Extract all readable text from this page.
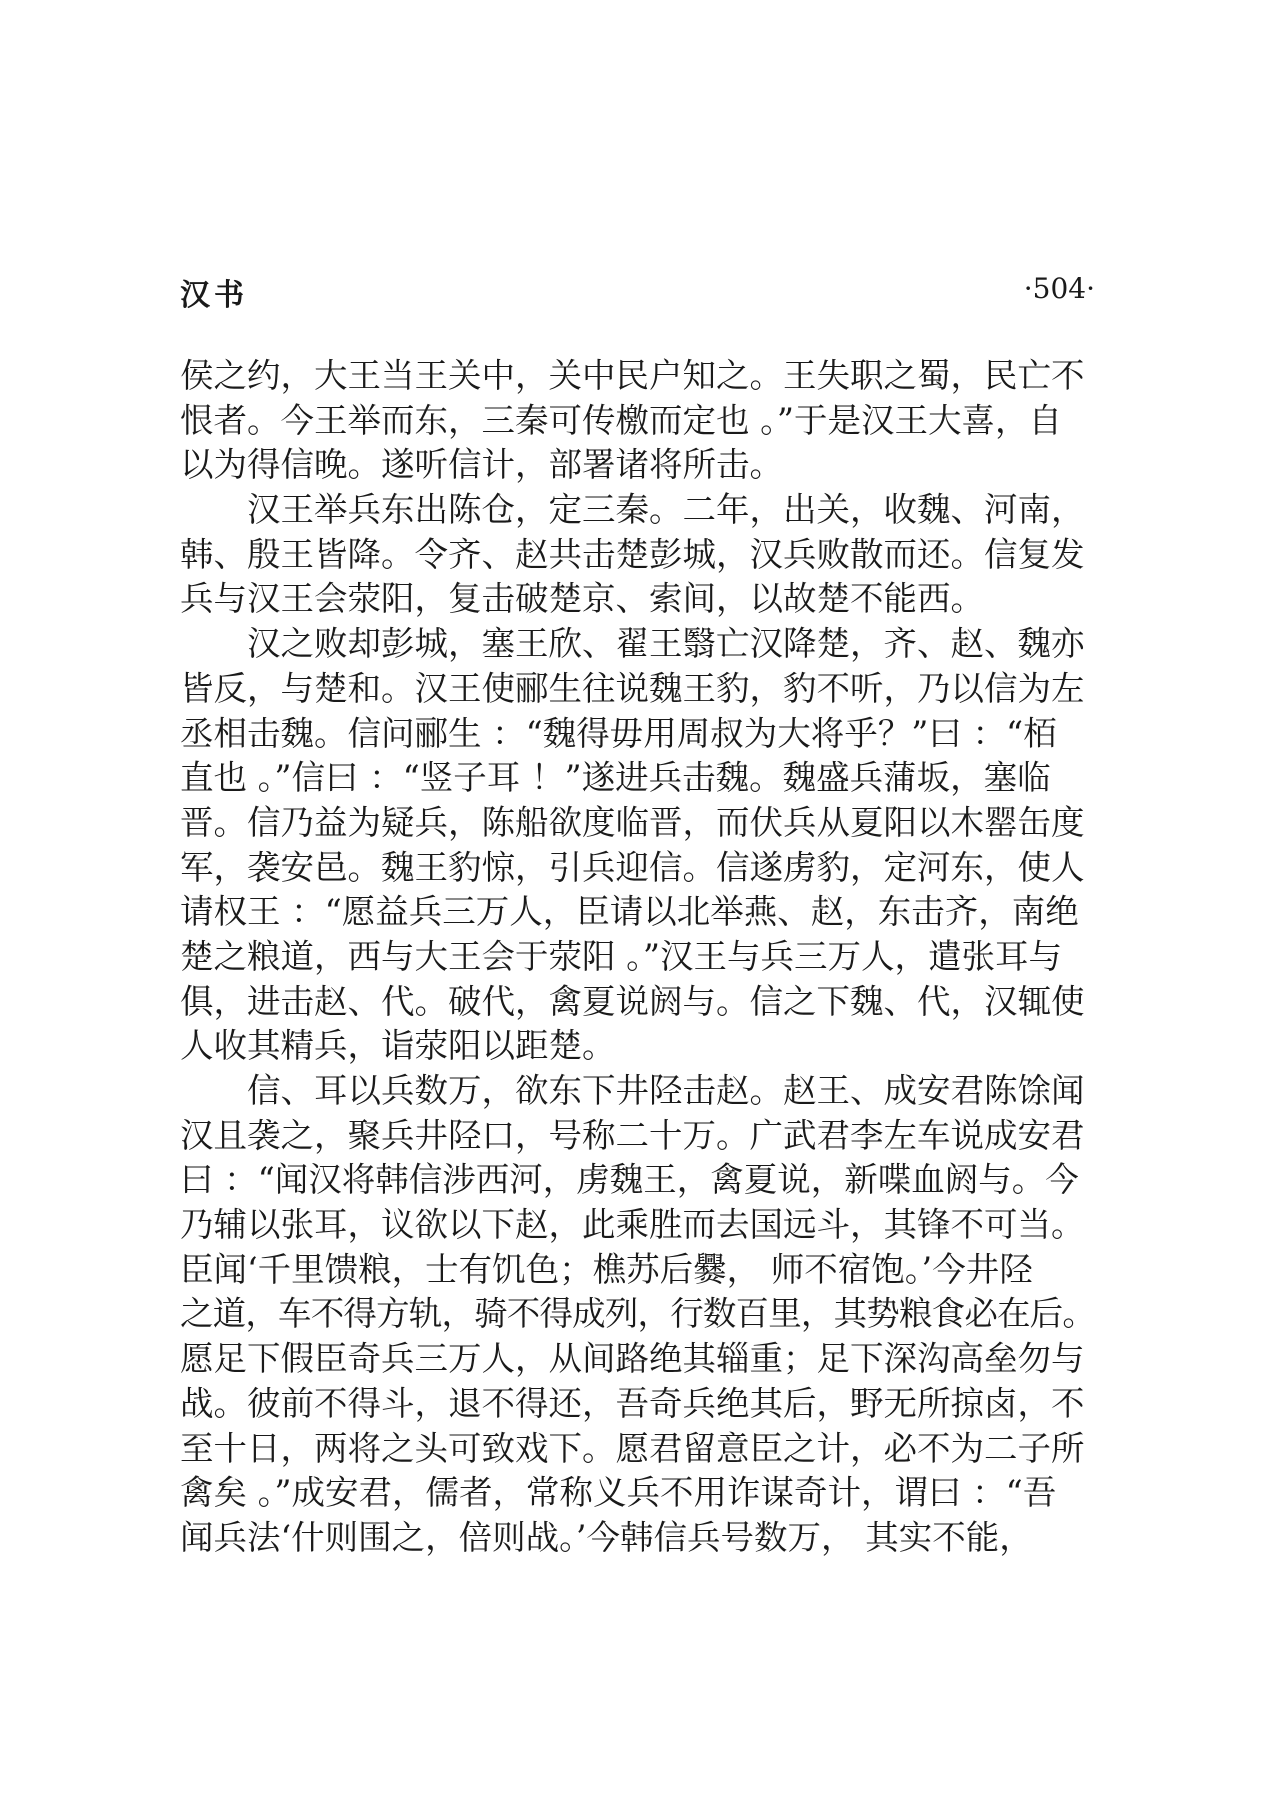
汉书	·504·
侯之约，大王当王关中，关中民户知之。王失职之蜀，民亡不
恨者。今王举而东，三秦可传檄而定也 。”于是汉王大喜，自
以为得信晚。遂听信计，部署诸将所击。
汉王举兵东出陈仓，定三秦。二年，出关，收魏、河南，
韩、殷王皆降。令齐、赵共击楚彭城，汉兵败散而还。信复发
兵与汉王会荥阳，复击破楚京、索间，以故楚不能西。
汉之败却彭城，塞王欣、翟王翳亡汉降楚，齐、赵、魏亦
皆反，与楚和。汉王使郦生往说魏王豹，豹不听，乃以信为左
丞相击魏。信问郦生 ：“魏得毋用周叔为大将乎？”曰 ：“栢
直也 。”信曰 ：“竖子耳 ！”遂进兵击魏。魏盛兵蒲坂，塞临
晋。信乃益为疑兵，陈船欲度临晋，而伏兵从夏阳以木罂缶度
军，袭安邑。魏王豹惊，引兵迎信。信遂虏豹，定河东，使人
请权王 ：“愿益兵三万人，臣请以北举燕、赵，东击齐，南绝
楚之粮道，西与大王会于荥阳 。”汉王与兵三万人，遣张耳与
俱，进击赵、代。破代，禽夏说阏与。信之下魏、代，汉辄使
人收其精兵，诣荥阳以距楚。
信、耳以兵数万，欲东下井陉击赵。赵王、成安君陈馀闻
汉且袭之，聚兵井陉口，号称二十万。广武君李左车说成安君
曰 ：“闻汉将韩信涉西河，虏魏王，禽夏说，新喋血阏与。今
乃辅以张耳，议欲以下赵，此乘胜而去国远斗，其锋不可当。
臣闻‘千里馈粮，士有饥色；樵苏后爨， 师不宿饱。’今井陉
之道，车不得方轨，骑不得成列，行数百里，其势粮食必在后。
愿足下假臣奇兵三万人，从间路绝其辎重；足下深沟高垒勿与
战。彼前不得斗，退不得还，吾奇兵绝其后，野无所掠卤，不
至十日，两将之头可致戏下。愿君留意臣之计，必不为二子所
禽矣 。”成安君，儒者，常称义兵不用诈谋奇计，谓曰 ：“吾
闻兵法‘什则围之，倍则战。’今韩信兵号数万， 其实不能，
